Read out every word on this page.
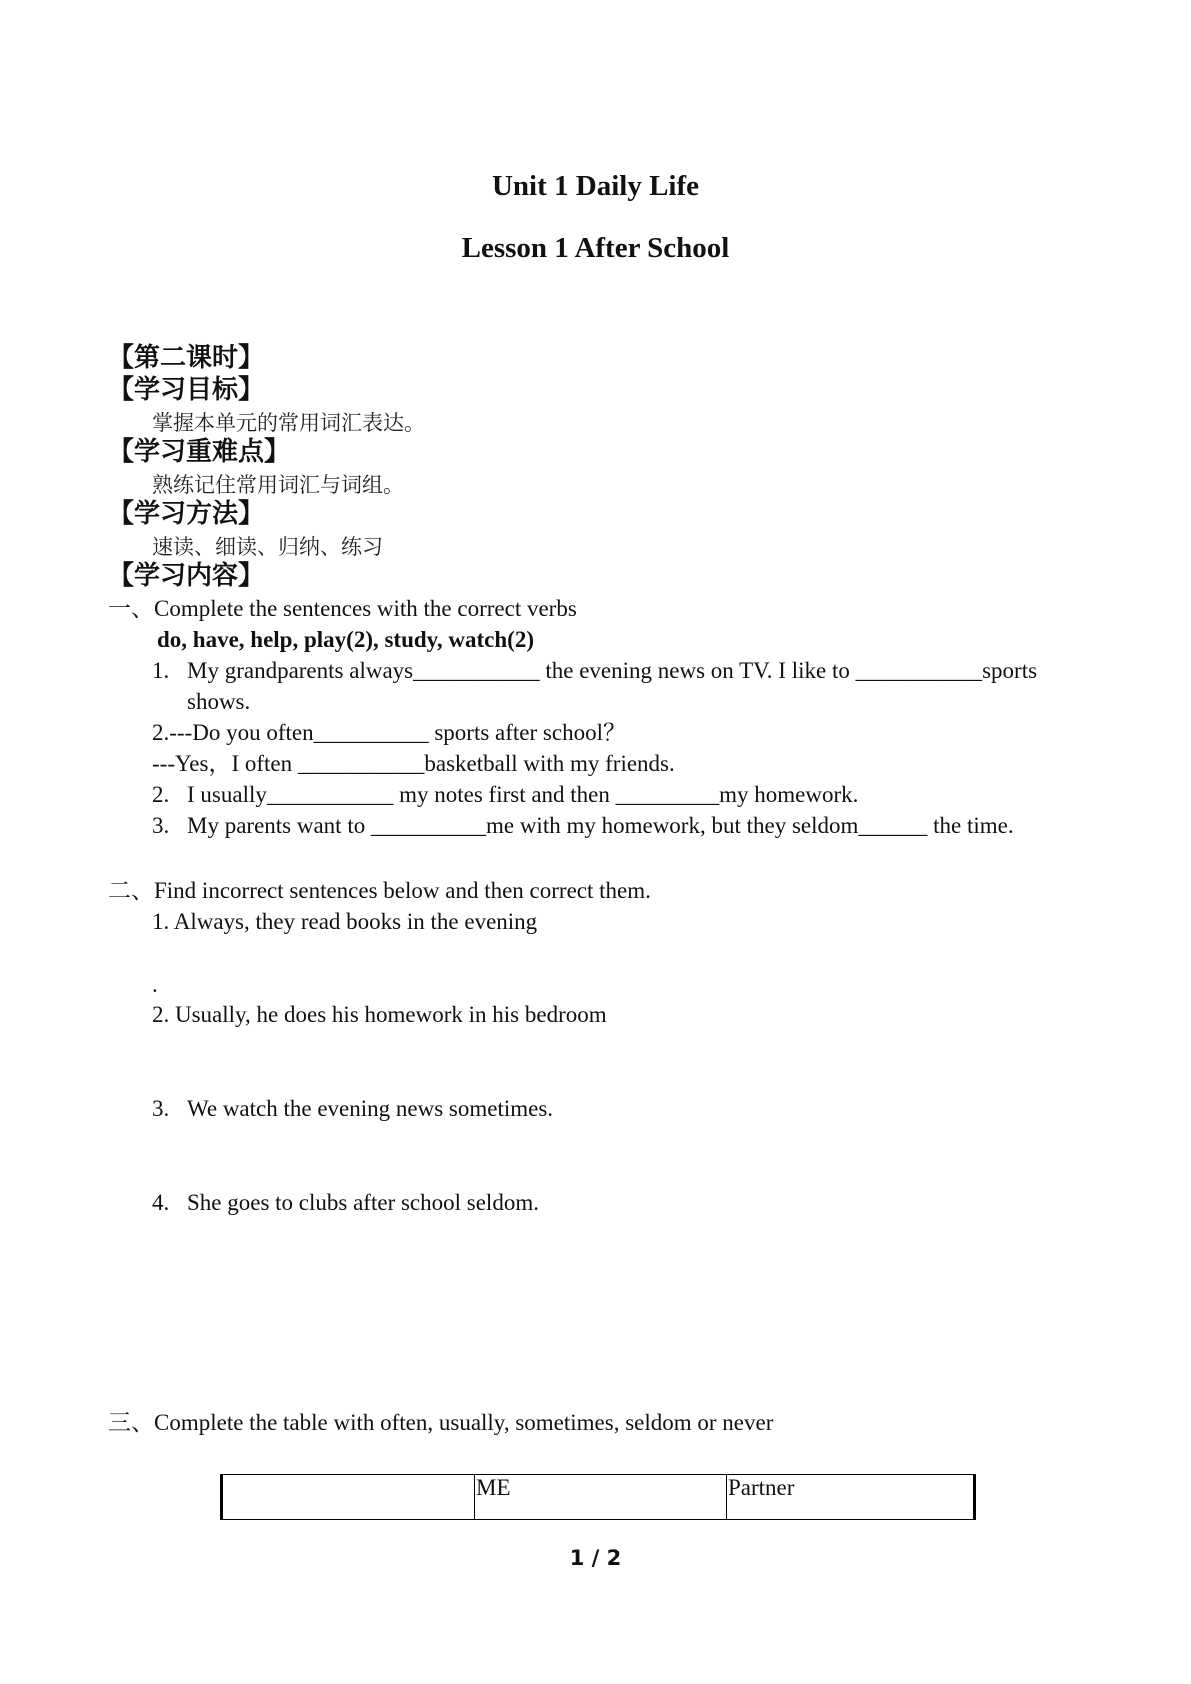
Unit 1 Daily Life
Lesson 1 After School
【第二课时】
【学习目标】
掌握本单元的常用词汇表达。
【学习重难点】
熟练记住常用词汇与词组。
【学习方法】
速读、细读、归纳、练习
【学习内容】
一、Complete the sentences with the correct verbs
do, have, help, play(2), study, watch(2)
1. My grandparents always___________ the evening news on TV. I like to ___________sports
shows.
2.---Do you often__________ sports after school？
---Yes，I often ___________basketball with my friends.
2. I usually___________ my notes first and then _________my homework.
3. My parents want to __________me with my homework, but they seldom______ the time.
二、Find incorrect sentences below and then correct them.
1. Always, they read books in the evening
.
2. Usually, he does his homework in his bedroom
3. We watch the evening news sometimes.
4. She goes to clubs after school seldom.
三、Complete the table with often, usually, sometimes, seldom or never
	ME	Partner
1 / 2
